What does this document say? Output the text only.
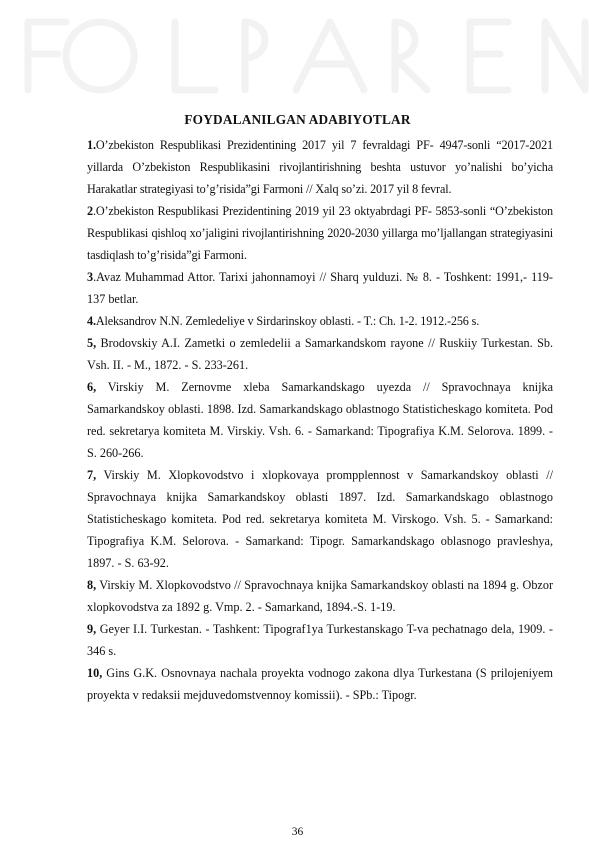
FOYDALANILGAN ADABIYOTLAR

1.O’zbekiston Respublikasi Prezidentining 2017 yil 7 fevraldagi PF- 4947-sonli “2017-2021 yillarda O’zbekiston Respublikasini rivojlantirishning beshta ustuvor yo’nalishi bo’yicha Harakatlar strategiyasi to’g’risida”gi Farmoni // Xalq so’zi. 2017 yil 8 fevral.

2.O’zbekiston Respublikasi Prezidentining 2019 yil 23 oktyabrdagi PF- 5853-sonli “O’zbekiston Respublikasi qishloq xo’jaligini rivojlantirishning 2020-2030 yillarga mo’ljallangan strategiyasini tasdiqlash to’g’risida”gi Farmoni.

3.Avaz Muhammad Attor. Tarixi jahonnamoyi // Sharq yulduzi. № 8. - Toshkent: 1991,- 119-137 betlar.

4.Aleksandrov N.N. Zemledeliye v Sirdarinskoy oblasti. - T.: Ch. 1-2. 1912.-256 s.

5, Brodovskiy A.I. Zametki o zemledelii a Samarkandskom rayone // Ruskiiy Turkestan. Sb. Vsh. II. - M., 1872. - S. 233-261.

6, Virskiy M. Zernovme xleba Samarkandskago uyezda // Spravochnaya knijka Samarkandskoy oblasti. 1898. Izd. Samarkandskago oblastnogo Statisticheskago komiteta. Pod red. sekretarya komiteta M. Virskiy. Vsh. 6. - Samarkand: Tipografiya K.M. Selorova. 1899. - S. 260-266.

7, Virskiy M. Xlopkovodstvo i xlopkovaya prompplennost v Samarkandskoy oblasti // Spravochnaya knijka Samarkandskoy oblasti 1897. Izd. Samarkandskago oblastnogo Statisticheskago komiteta. Pod red. sekretarya komiteta M. Virskogo. Vsh. 5. - Samarkand: Tipografiya K.M. Selorova. - Samarkand: Tipogr. Samarkandskago oblasnogo pravleshya, 1897. - S. 63-92.

8, Virskiy M. Xlopkovodstvo // Spravochnaya knijka Samarkandskoy oblasti na 1894 g. Obzor xlopkovodstva za 1892 g. Vmp. 2. - Samarkand, 1894.-S. 1-19.

9, Geyer I.I. Turkestan. - Tashkent: Tipograf1ya Turkestanskago T-va pechatnago dela, 1909. - 346 s.

10, Gins G.K. Osnovnaya nachala proyekta vodnogo zakona dlya Turkestana (S prilojeniyem proyekta v redaksii mejduvedomstvennoy komissii). - SPb.: Tipogr.

36
